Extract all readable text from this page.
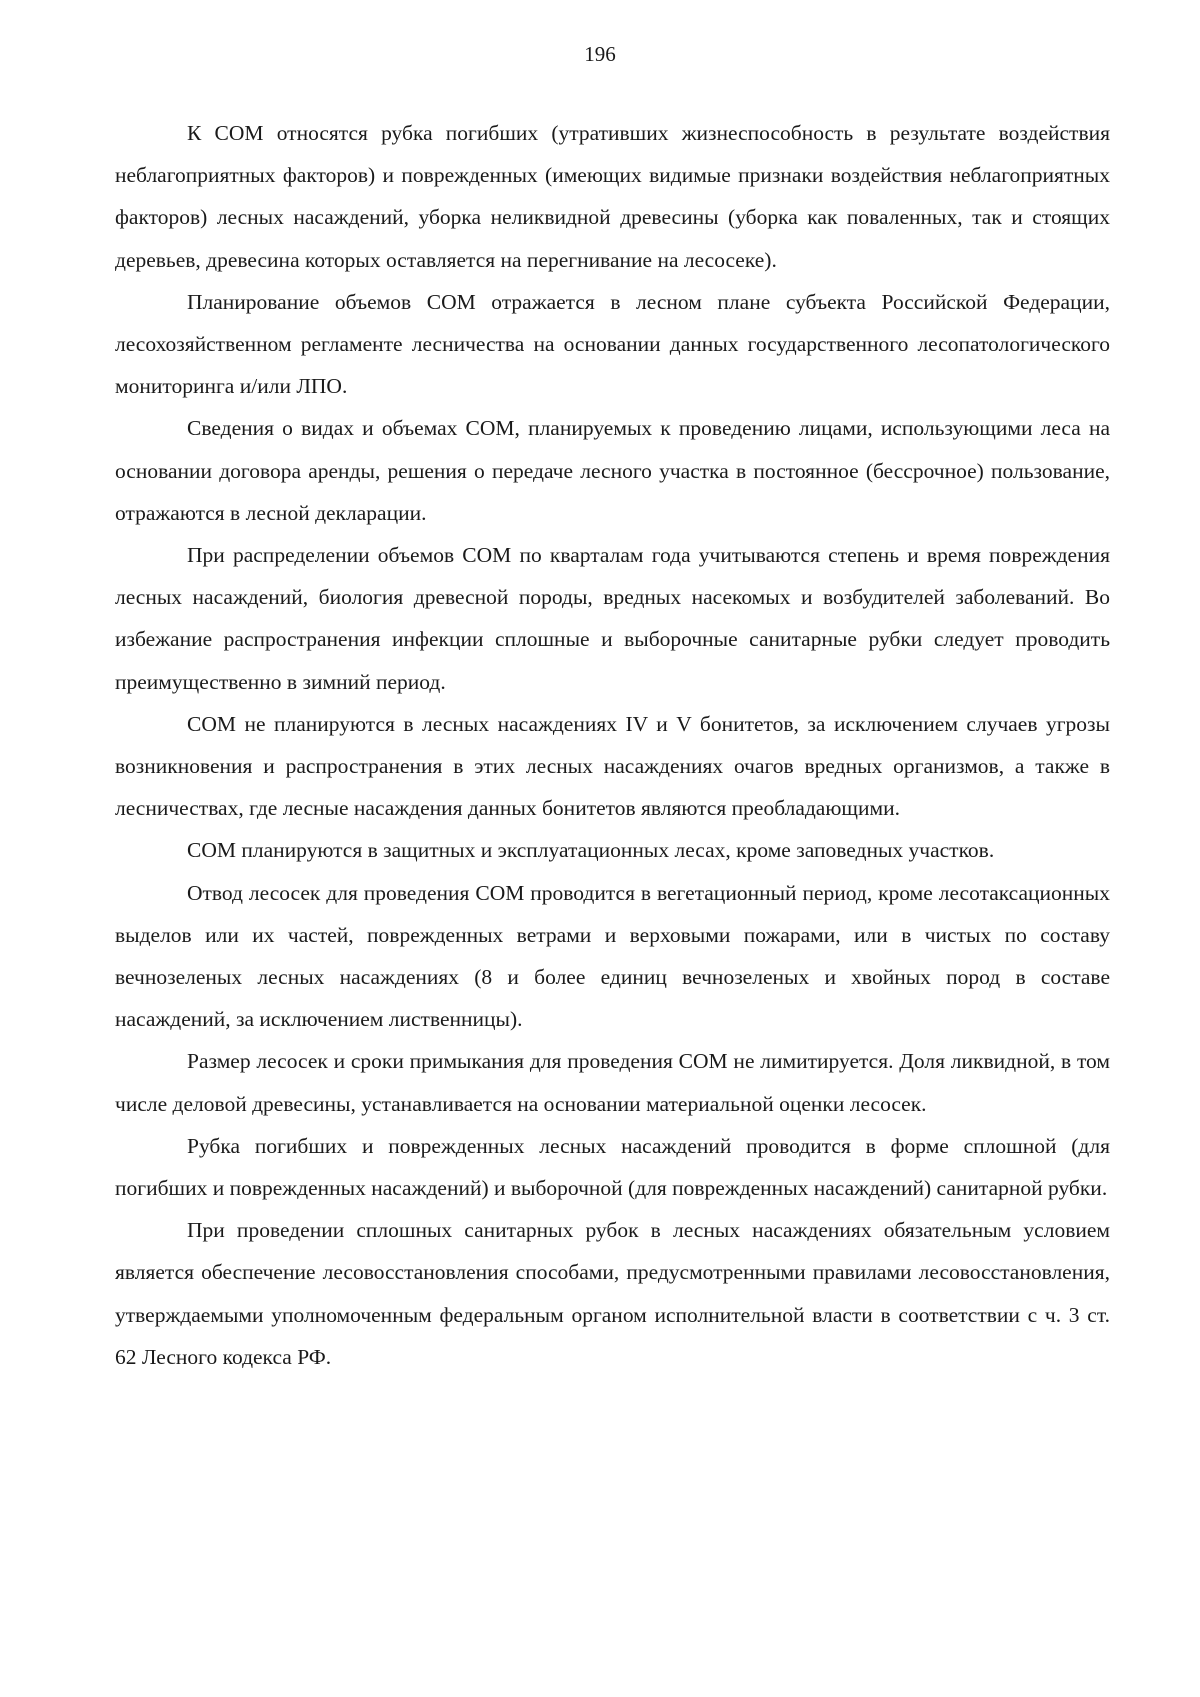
196

К СОМ относятся рубка погибших (утративших жизнеспособность в результате воздействия неблагоприятных факторов) и поврежденных (имеющих видимые признаки воздействия неблагоприятных факторов) лесных насаждений, уборка неликвидной древесины (уборка как поваленных, так и стоящих деревьев, древесина которых оставляется на перегнивание на лесосеке).

Планирование объемов СОМ отражается в лесном плане субъекта Российской Федерации, лесохозяйственном регламенте лесничества на основании данных государственного лесопатологического мониторинга и/или ЛПО.

Сведения о видах и объемах СОМ, планируемых к проведению лицами, использующими леса на основании договора аренды, решения о передаче лесного участка в постоянное (бессрочное) пользование, отражаются в лесной декларации.

При распределении объемов СОМ по кварталам года учитываются степень и время повреждения лесных насаждений, биология древесной породы, вредных насекомых и возбудителей заболеваний. Во избежание распространения инфекции сплошные и выборочные санитарные рубки следует проводить преимущественно в зимний период.

СОМ не планируются в лесных насаждениях IV и V бонитетов, за исключением случаев угрозы возникновения и распространения в этих лесных насаждениях очагов вредных организмов, а также в лесничествах, где лесные насаждения данных бонитетов являются преобладающими.

СОМ планируются в защитных и эксплуатационных лесах, кроме заповедных участков.

Отвод лесосек для проведения СОМ проводится в вегетационный период, кроме лесотаксационных выделов или их частей, поврежденных ветрами и верховыми пожарами, или в чистых по составу вечнозеленых лесных насаждениях (8 и более единиц вечнозеленых и хвойных пород в составе насаждений, за исключением лиственницы).

Размер лесосек и сроки примыкания для проведения СОМ не лимитируется. Доля ликвидной, в том числе деловой древесины, устанавливается на основании материальной оценки лесосек.

Рубка погибших и поврежденных лесных насаждений проводится в форме сплошной (для погибших и поврежденных насаждений) и выборочной (для поврежденных насаждений) санитарной рубки.

При проведении сплошных санитарных рубок в лесных насаждениях обязательным условием является обеспечение лесовосстановления способами, предусмотренными правилами лесовосстановления, утверждаемыми уполномоченным федеральным органом исполнительной власти в соответствии с ч. 3 ст. 62 Лесного кодекса РФ.
